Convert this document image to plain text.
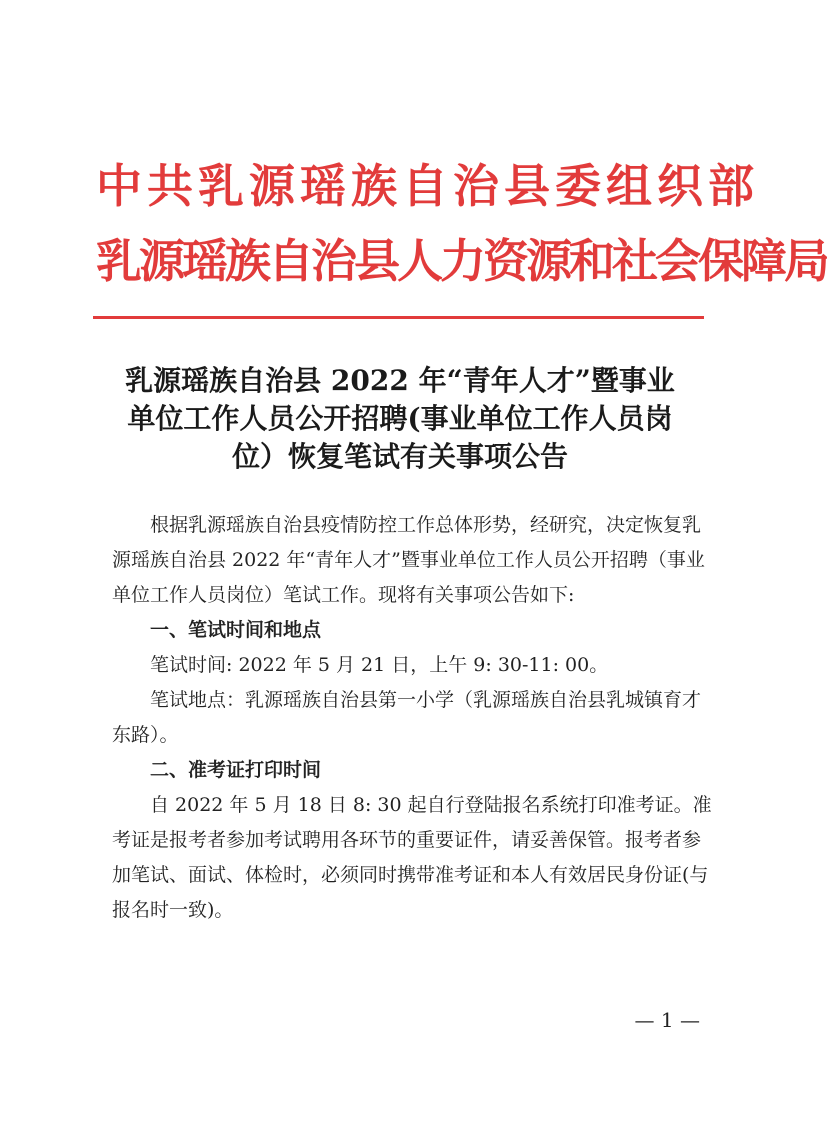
中共乳源瑶族自治县委组织部
乳源瑶族自治县人力资源和社会保障局
乳源瑶族自治县 2022 年“青年人才”暨事业
单位工作人员公开招聘(事业单位工作人员岗
位）恢复笔试有关事项公告

根据乳源瑶族自治县疫情防控工作总体形势，经研究，决定恢复乳源瑶族自治县 2022 年“青年人才”暨事业单位工作人员公开招聘（事业单位工作人员岗位）笔试工作。现将有关事项公告如下:

一、笔试时间和地点

笔试时间: 2022 年 5 月 21 日，上午 9: 30-11: 00。

笔试地点：乳源瑶族自治县第一小学（乳源瑶族自治县乳城镇育才东路）。

二、准考证打印时间

自 2022 年 5 月 18 日 8: 30 起自行登陆报名系统打印准考证。准考证是报考者参加考试聘用各环节的重要证件，请妥善保管。报考者参加笔试、面试、体检时，必须同时携带准考证和本人有效居民身份证(与报名时一致)。

— 1 —
